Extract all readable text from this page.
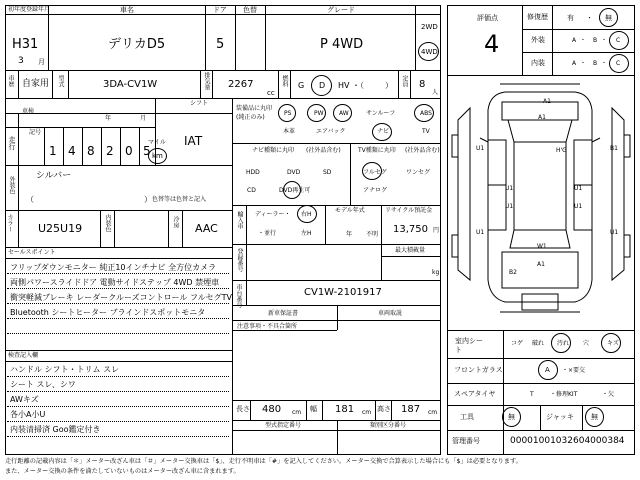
初年度登録年月
H31
3 月
車名
デリカD5
ドア
5
色替	グレード
P 4WD
2WD
4WD
車歴 自家用 型式	3DA-CV1W	排気量 2267
cc
燃料 G D HV ・（	） 定員 8
人
車検
シフト
年	月
記号
走行
1 4 8 2 0 5
マイル
km
IAT
外装色 シルバー
（	） 色替等は色替と記入
カラー U25U19	内装色	冷房 AAC
セールスポイント
フリップダウンモニター 純正10インチナビ 全方位カメラ
両側パワースライドドア 電動サイドステップ 4WD 禁煙車
衝突軽減ブレーキ レーダークルーズコントロール フルセグTV
Bluetooth シートヒーター ブラインドスポットモニタ
検査記入欄
ハンドル シフト・トリム スレ
シート スレ、シワ
AWキズ
各小A小U
内装清掃済 Goo鑑定付き
装備品に丸印
(純正のみ)
PS	PW	AW	サンルーフ	ABS
本革	エアバック	ナビ	TV
ナビ種類に丸印 (社外品含む)
HDD	DVD	SD
CD	DVD再生可
TV種類に丸印 (社外品含む)
フルセグ	ワンセグ
アナログ
輸入車 ディーラー・
・並行
右H
左H
モデル年式
年 不明
リサイクル預託金
13,750 円
登録番号	最大積載量
kg
車台番号	CV1W-2101917
新車保証書	車両取説
注意事項・不具合箇所
長さ 480 cm 幅 181 cm 高さ 187 cm
型式指定番号	類別区分番号
評価点
4
修復歴	有 ・ 無
外装	A ・ B ・ C
内装	A ・ B ・ C
A1
A1
U1	B1
U1	U1
U1	U1
U1	U1
W1
A1
B2
H'G
室内シート
コゲ 破れ 汚れ 穴	キズ
フロントガラス	A ・×要交
スペアタイヤ	T	・修理KIT	・欠
工具	無	ジャッキ 無
管理番号	00001001032604000384
走行距離の記載内容は「＊」メーター改ざん車は「＃」メーター交換車は「$」、走行不明車は「#」を記入してください。メーター交換で合算表示した場合にも「$」は必要となります。
また、メーター交換の条件を満たしていないものはメーター改ざん車に含まれます。
